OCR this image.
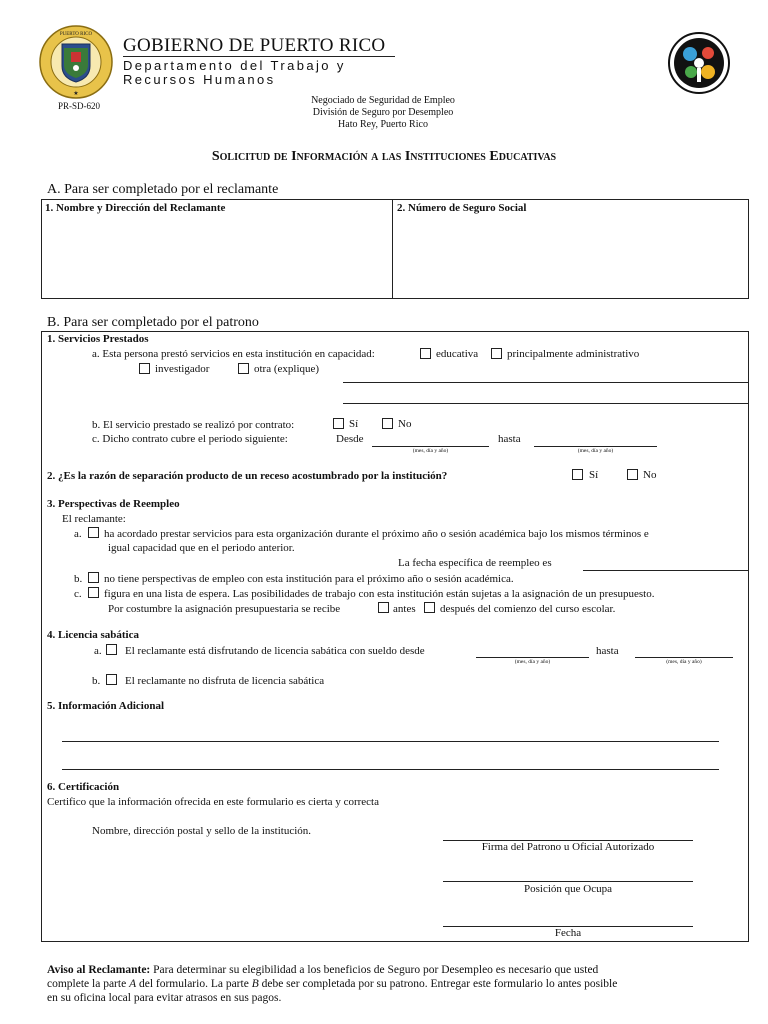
PUERTO RICO
★
GOBIERNO DE PUERTO RICO
Departamento del Trabajo y
Recursos Humanos
PR-SD-620	Negociado de Seguridad de Empleo
División de Seguro por Desempleo
Hato Rey, Puerto Rico
Solicitud de Información a las Instituciones Educativas
A. Para ser completado por el reclamante
1. Nombre y Dirección del Reclamante	2. Número de Seguro Social
B. Para ser completado por el patrono
1. Servicios Prestados
a. Esta persona prestó servicios en esta institución en capacidad:	educativa	principalmente administrativo
investigador	otra (explique)
b. El servicio prestado se realizó por contrato:	Sí	No
c. Dicho contrato cubre el periodo siguiente:	Desde
(mes, día y año)
hasta
(mes, día y año)
2. ¿Es la razón de separación producto de un receso acostumbrado por la institución?	Sí	No
3. Perspectivas de Reempleo
El reclamante:
a. ha acordado prestar servicios para esta organización durante el próximo año o sesión académica bajo los mismos términos e
igual capacidad que en el periodo anterior.
La fecha específica de reempleo es
b. no tiene perspectivas de empleo con esta institución para el próximo año o sesión académica.
c. figura en una lista de espera. Las posibilidades de trabajo con esta institución están sujetas a la asignación de un presupuesto.
Por costumbre la asignación presupuestaria se recibe	antes después del comienzo del curso escolar.
4. Licencia sabática
a. El reclamante está disfrutando de licencia sabática con sueldo desde
(mes, día y año)
hasta
(mes, día y año)
b. El reclamante no disfruta de licencia sabática
5. Información Adicional
6. Certificación
Certifico que la información ofrecida en este formulario es cierta y correcta
Nombre, dirección postal y sello de la institución.
Firma del Patrono u Oficial Autorizado
Posición que Ocupa
Fecha
Aviso al Reclamante: Para determinar su elegibilidad a los beneficios de Seguro por Desempleo es necesario que usted
complete la parte A del formulario. La parte B debe ser completada por su patrono. Entregar este formulario lo antes posible
en su oficina local para evitar atrasos en sus pagos.
